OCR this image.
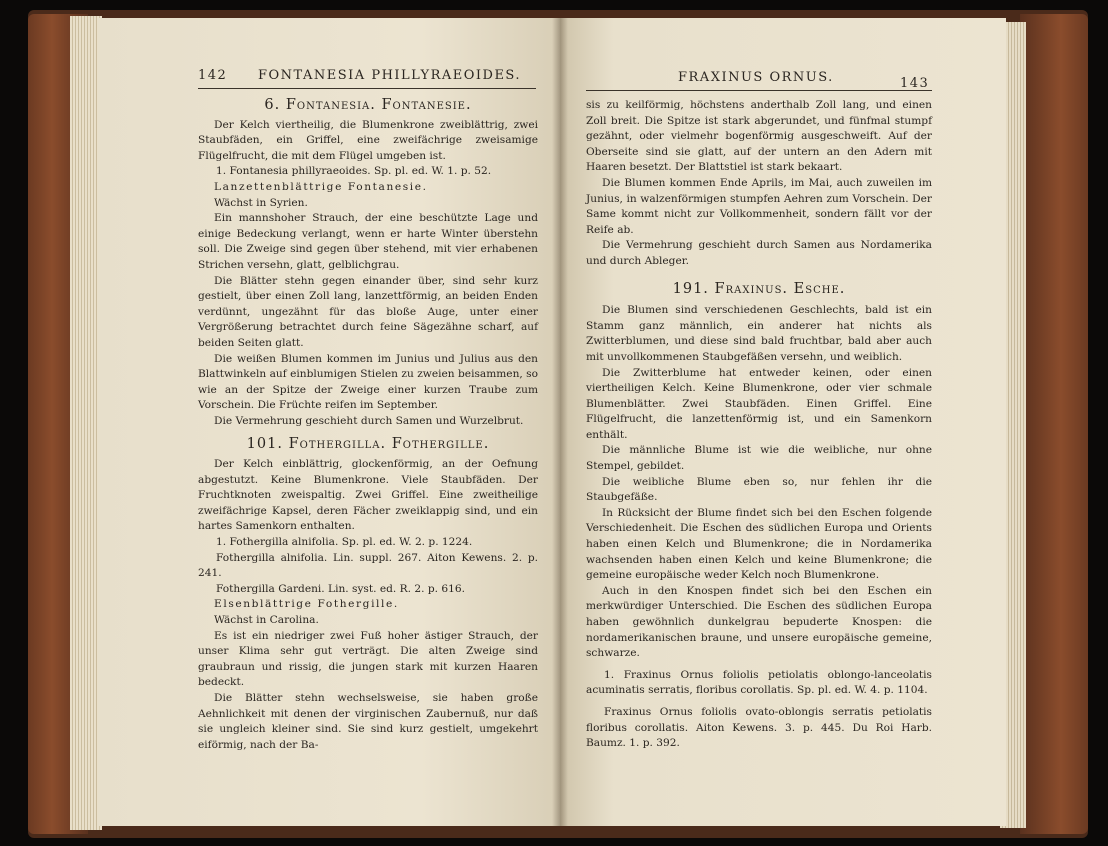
142 FONTANESIA PHILLYRAEOIDES.
6. Fontanesia. Fontanesie.

Der Kelch viertheilig, die Blumenkrone zweiblättrig, zwei Staubfäden, ein Griffel, eine zweifächrige zweisamige Flügelfrucht, die mit dem Flügel umgeben ist.

1. Fontanesia phillyraeoides. Sp. pl. ed. W. 1. p. 52.

Lanzettenblättrige Fontanesie.

Wächst in Syrien.

Ein mannshoher Strauch, der eine beschützte Lage und einige Bedeckung verlangt, wenn er harte Winter überstehn soll. Die Zweige sind gegen über stehend, mit vier erhabenen Strichen versehn, glatt, gelblichgrau.

Die Blätter stehn gegen einander über, sind sehr kurz gestielt, über einen Zoll lang, lanzettförmig, an beiden Enden verdünnt, ungezähnt für das bloße Auge, unter einer Vergrößerung betrachtet durch feine Sägezähne scharf, auf beiden Seiten glatt.

Die weißen Blumen kommen im Junius und Julius aus den Blattwinkeln auf einblumigen Stielen zu zweien beisammen, so wie an der Spitze der Zweige einer kurzen Traube zum Vorschein. Die Früchte reifen im September.

Die Vermehrung geschieht durch Samen und Wurzelbrut.

101. Fothergilla. Fothergille.

Der Kelch einblättrig, glockenförmig, an der Oefnung abgestutzt. Keine Blumenkrone. Viele Staubfäden. Der Fruchtknoten zweispaltig. Zwei Griffel. Eine zweitheilige zweifächrige Kapsel, deren Fächer zweiklappig sind, und ein hartes Samenkorn enthalten.

1. Fothergilla alnifolia. Sp. pl. ed. W. 2. p. 1224.

Fothergilla alnifolia. Lin. suppl. 267. Aiton Kewens. 2. p. 241.

Fothergilla Gardeni. Lin. syst. ed. R. 2. p. 616.

Elsenblättrige Fothergille.

Wächst in Carolina.

Es ist ein niedriger zwei Fuß hoher ästiger Strauch, der unser Klima sehr gut verträgt. Die alten Zweige sind graubraun und rissig, die jungen stark mit kurzen Haaren bedeckt.

Die Blätter stehn wechselsweise, sie haben große Aehnlichkeit mit denen der virginischen Zaubernuß, nur daß sie ungleich kleiner sind. Sie sind kurz gestielt, umgekehrt eiförmig, nach der Ba-

FRAXINUS ORNUS.	143

sis zu keilförmig, höchstens anderthalb Zoll lang, und einen Zoll breit. Die Spitze ist stark abgerundet, und fünfmal stumpf gezähnt, oder vielmehr bogenförmig ausgeschweift. Auf der Oberseite sind sie glatt, auf der untern an den Adern mit Haaren besetzt. Der Blattstiel ist stark bekaart.

Die Blumen kommen Ende Aprils, im Mai, auch zuweilen im Junius, in walzenförmigen stumpfen Aehren zum Vorschein. Der Same kommt nicht zur Vollkommenheit, sondern fällt vor der Reife ab.

Die Vermehrung geschieht durch Samen aus Nordamerika und durch Ableger.

191. Fraxinus. Esche.

Die Blumen sind verschiedenen Geschlechts, bald ist ein Stamm ganz männlich, ein anderer hat nichts als Zwitterblumen, und diese sind bald fruchtbar, bald aber auch mit unvollkommenen Staubgefäßen versehn, und weiblich.

Die Zwitterblume hat entweder keinen, oder einen viertheiligen Kelch. Keine Blumenkrone, oder vier schmale Blumenblätter. Zwei Staubfäden. Einen Griffel. Eine Flügelfrucht, die lanzettenförmig ist, und ein Samenkorn enthält.

Die männliche Blume ist wie die weibliche, nur ohne Stempel, gebildet.

Die weibliche Blume eben so, nur fehlen ihr die Staubgefäße.

In Rücksicht der Blume findet sich bei den Eschen folgende Verschiedenheit. Die Eschen des südlichen Europa und Orients haben einen Kelch und Blumenkrone; die in Nordamerika wachsenden haben einen Kelch und keine Blumenkrone; die gemeine europäische weder Kelch noch Blumenkrone.

Auch in den Knospen findet sich bei den Eschen ein merkwürdiger Unterschied. Die Eschen des südlichen Europa haben gewöhnlich dunkelgrau bepuderte Knospen: die nordamerikanischen braune, und unsere europäische gemeine, schwarze.

1. Fraxinus Ornus foliolis petiolatis oblongo-lanceolatis acuminatis serratis, floribus corollatis. Sp. pl. ed. W. 4. p. 1104.

Fraxinus Ornus foliolis ovato-oblongis serratis petiolatis floribus corollatis. Aiton Kewens. 3. p. 445. Du Roi Harb. Baumz. 1. p. 392.
